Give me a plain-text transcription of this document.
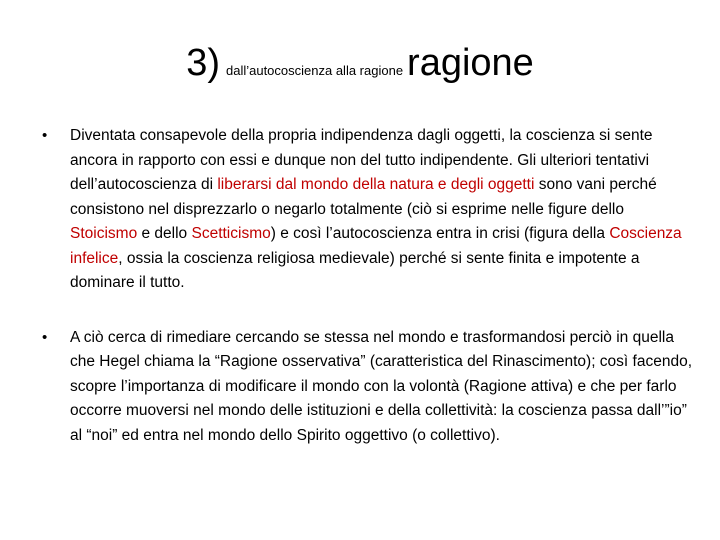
3) dall’autocoscienza alla ragione ragione
• Diventata consapevole della propria indipendenza dagli oggetti, la coscienza si sente ancora in rapporto con essi e dunque non del tutto indipendente. Gli ulteriori tentativi dell’autocoscienza di liberarsi dal mondo della natura e degli oggetti sono vani perché consistono nel disprezzarlo o negarlo totalmente (ciò si esprime nelle figure dello Stoicismo e dello Scetticismo) e così l’autocoscienza entra in crisi (figura della Coscienza infelice, ossia la coscienza religiosa medievale) perché si sente finita e impotente a dominare il tutto.
• A ciò cerca di rimediare cercando se stessa nel mondo e trasformandosi perciò in quella che Hegel chiama la “Ragione osservativa” (caratteristica del Rinascimento); così facendo, scopre l’importanza di modificare il mondo con la volontà (Ragione attiva) e che per farlo occorre muoversi nel mondo delle istituzioni e della collettività: la coscienza passa dall’”io” al “noi” ed entra nel mondo dello Spirito oggettivo (o collettivo).
